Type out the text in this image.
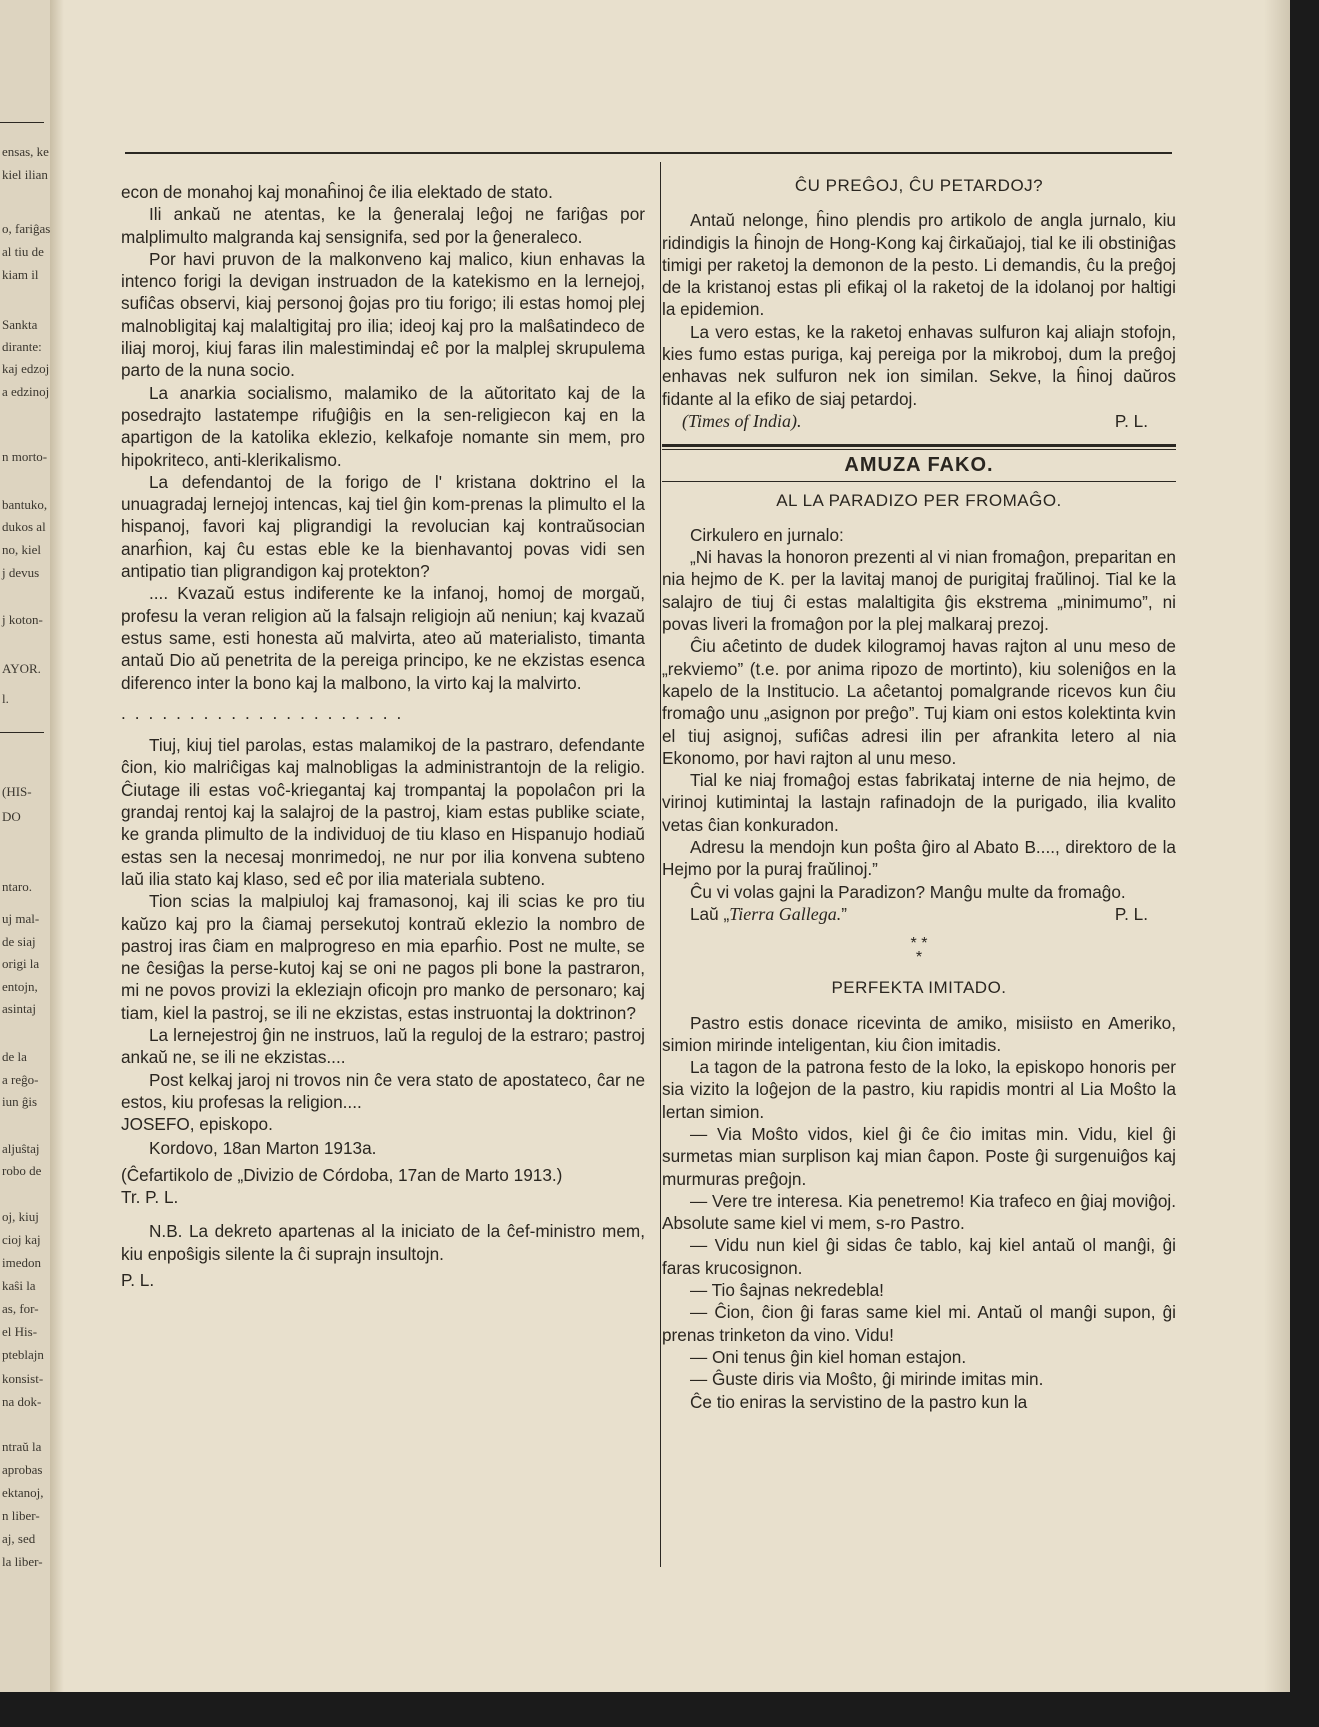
ensas, ke
kiel ilian
o, fariĝas
al tiu de
kiam il
Sankta
dirante:
kaj edzoj
a edzinoj
n morto-
bantuko,
dukos al
no, kiel
j devus
j koton-
AYOR.
l.
(HIS-
DO
ntaro.
uj mal-
de siaj
origi la
entojn,
asintaj
de la
a reĝo-
iun ĝis
aljuŝtaj
robo de
oj, kiuj
cioj kaj
imedon
kaŝi la
as, for-
el His-
pteblajn
konsist-
na dok-
ntraŭ la
aprobas
ektanoj,
n liber-
aj, sed
la liber-

econ de monahoj kaj monaĥinoj ĉe ilia elektado de stato.

Ili ankaŭ ne atentas, ke la ĝeneralaj leĝoj ne fariĝas por malplimulto malgranda kaj sensignifa, sed por la ĝeneraleco.

Por havi pruvon de la malkonveno kaj malico, kiun enhavas la intenco forigi la devigan instruadon de la katekismo en la lernejoj, sufiĉas observi, kiaj personoj ĝojas pro tiu forigo; ili estas homoj plej malnobligitaj kaj malaltigitaj pro ilia; ideoj kaj pro la malŝatindeco de iliaj moroj, kiuj faras ilin malestimindaj eĉ por la malplej skrupulema parto de la nuna socio.

La anarkia socialismo, malamiko de la aŭtoritato kaj de la posedrajto lastatempe rifuĝiĝis en la sen-religiecon kaj en la apartigon de la katolika eklezio, kelkafoje nomante sin mem, pro hipokriteco, anti-klerikalismo.

La defendantoj de la forigo de l' kristana doktrino el la unuagradaj lernejoj intencas, kaj tiel ĝin kom-prenas la plimulto el la hispanoj, favori kaj pligrandigi la revolucian kaj kontraŭsocian anarĥion, kaj ĉu estas eble ke la bienhavantoj povas vidi sen antipatio tian pligrandigon kaj protekton?

.... Kvazaŭ estus indiferente ke la infanoj, homoj de morgaŭ, profesu la veran religion aŭ la falsajn religiojn aŭ neniun; kaj kvazaŭ estus same, esti honesta aŭ malvirta, ateo aŭ materialisto, timanta antaŭ Dio aŭ penetrita de la pereiga principo, ke ne ekzistas esenca diferenco inter la bono kaj la malbono, la virto kaj la malvirto.

.....................

Tiuj, kiuj tiel parolas, estas malamikoj de la pastraro, defendante ĉion, kio malriĉigas kaj malnobligas la administrantojn de la religio. Ĉiutage ili estas voĉ-kriegantaj kaj trompantaj la popolaĉon pri la grandaj rentoj kaj la salajroj de la pastroj, kiam estas publike sciate, ke granda plimulto de la individuoj de tiu klaso en Hispanujo hodiaŭ estas sen la necesaj monrimedoj, ne nur por ilia konvena subteno laŭ ilia stato kaj klaso, sed eĉ por ilia materiala subteno.

Tion scias la malpiuloj kaj framasonoj, kaj ili scias ke pro tiu kaŭzo kaj pro la ĉiamaj persekutoj kontraŭ eklezio la nombro de pastroj iras ĉiam en malprogreso en mia eparĥio. Post ne multe, se ne ĉesiĝas la perse-kutoj kaj se oni ne pagos pli bone la pastraron, mi ne povos provizi la ekleziajn oficojn pro manko de personaro; kaj tiam, kiel la pastroj, se ili ne ekzistas, estas instruontaj la doktrinon?

La lernejestroj ĝin ne instruos, laŭ la reguloj de la estraro; pastroj ankaŭ ne, se ili ne ekzistas....

Post kelkaj jaroj ni trovos nin ĉe vera stato de apostateco, ĉar ne estos, kiu profesas la religion....

JOSEFO, episkopo.

Kordovo, 18an Marton 1913a.

(Ĉefartikolo de „Divizio de Córdoba, 17an de Marto 1913.)

Tr. P. L.

N.B. La dekreto apartenas al la iniciato de la ĉef-ministro mem, kiu enpoŝigis silente la ĉi suprajn insultojn.

P. L.

ĈU PREĜOJ, ĈU PETARDOJ?

Antaŭ nelonge, ĥino plendis pro artikolo de angla jurnalo, kiu ridindigis la ĥinojn de Hong-Kong kaj ĉirkaŭajoj, tial ke ili obstiniĝas timigi per raketoj la demonon de la pesto. Li demandis, ĉu la preĝoj de la kristanoj estas pli efikaj ol la raketoj de la idolanoj por haltigi la epidemion.

La vero estas, ke la raketoj enhavas sulfuron kaj aliajn stofojn, kies fumo estas puriga, kaj pereiga por la mikroboj, dum la preĝoj enhavas nek sulfuron nek ion similan. Sekve, la ĥinoj daŭros fidante al la efiko de siaj petardoj.

(Times of India).	P. L.
AMUZA FAKO.
AL LA PARADIZO PER FROMAĜO.

Cirkulero en jurnalo:

„Ni havas la honoron prezenti al vi nian fromaĝon, preparitan en nia hejmo de K. per la lavitaj manoj de purigitaj fraŭlinoj. Tial ke la salajro de tiuj ĉi estas malaltigita ĝis ekstrema „minimumo”, ni povas liveri la fromaĝon por la plej malkaraj prezoj.

Ĉiu aĉetinto de dudek kilogramoj havas rajton al unu meso de „rekviemo” (t.e. por anima ripozo de mortinto), kiu soleniĝos en la kapelo de la Institucio. La aĉetantoj pomalgrande ricevos kun ĉiu fromaĝo unu „asignon por preĝo”. Tuj kiam oni estos kolektinta kvin el tiuj asignoj, sufiĉas adresi ilin per afrankita letero al nia Ekonomo, por havi rajton al unu meso.

Tial ke niaj fromaĝoj estas fabrikataj interne de nia hejmo, de virinoj kutimintaj la lastajn rafinadojn de la purigado, ilia kvalito vetas ĉian konkuradon.

Adresu la mendojn kun poŝta ĝiro al Abato B...., direktoro de la Hejmo por la puraj fraŭlinoj.”

Ĉu vi volas gajni la Paradizon? Manĝu multe da fromaĝo.

Laŭ „Tierra Gallega.”	P. L.
* *
*
PERFEKTA IMITADO.

Pastro estis donace ricevinta de amiko, misiisto en Ameriko, simion mirinde inteligentan, kiu ĉion imitadis.

La tagon de la patrona festo de la loko, la episkopo honoris per sia vizito la loĝejon de la pastro, kiu rapidis montri al Lia Moŝto la lertan simion.

— Via Moŝto vidos, kiel ĝi ĉe ĉio imitas min. Vidu, kiel ĝi surmetas mian surplison kaj mian ĉapon. Poste ĝi surgenuiĝos kaj murmuras preĝojn.

— Vere tre interesa. Kia penetremo! Kia trafeco en ĝiaj moviĝoj. Absolute same kiel vi mem, s-ro Pastro.

— Vidu nun kiel ĝi sidas ĉe tablo, kaj kiel antaŭ ol manĝi, ĝi faras krucosignon.

— Tio ŝajnas nekredebla!

— Ĉion, ĉion ĝi faras same kiel mi. Antaŭ ol manĝi supon, ĝi prenas trinketon da vino. Vidu!

— Oni tenus ĝin kiel homan estajon.

— Ĝuste diris via Moŝto, ĝi mirinde imitas min.

Ĉe tio eniras la servistino de la pastro kun la
